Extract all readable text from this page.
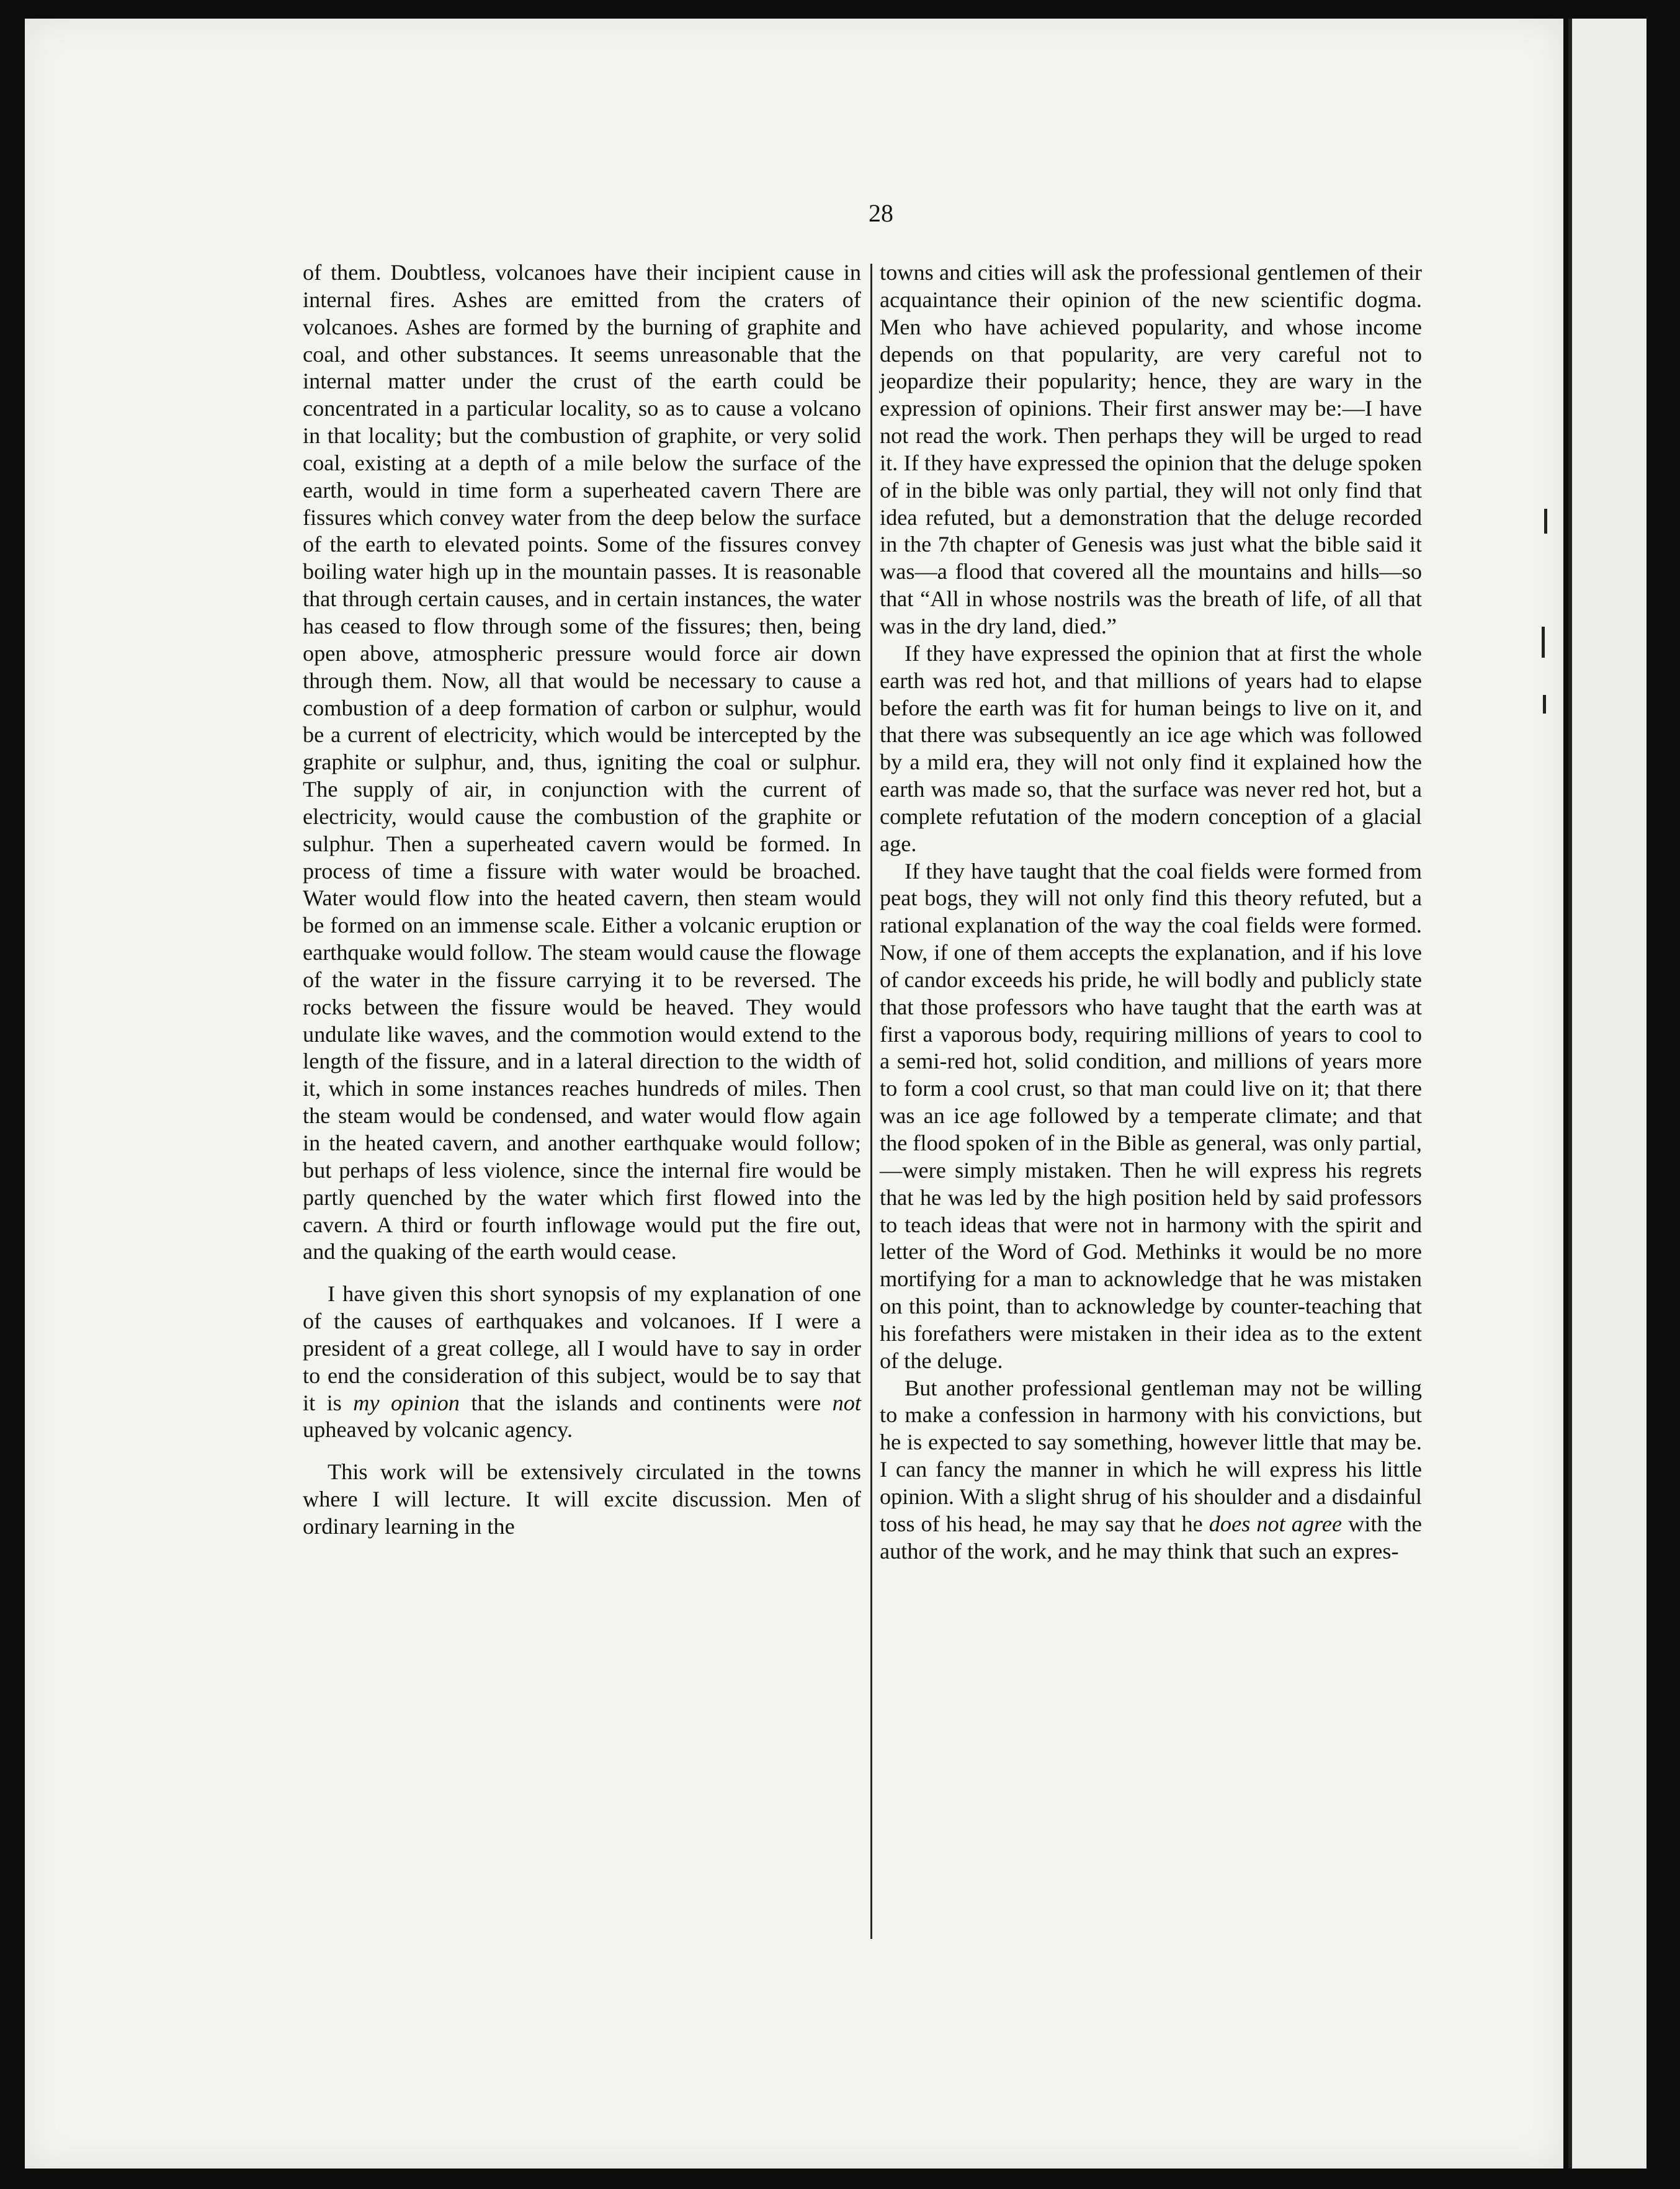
28

of them. Doubtless, volcanoes have their incipient cause in internal fires. Ashes are emitted from the craters of volcanoes. Ashes are formed by the burning of graphite and coal, and other substances. It seems unreasonable that the internal matter under the crust of the earth could be concentrated in a particular locality, so as to cause a volcano in that locality; but the combustion of graphite, or very solid coal, existing at a depth of a mile below the surface of the earth, would in time form a superheated cavern There are fissures which convey water from the deep below the surface of the earth to elevated points. Some of the fissures convey boiling water high up in the mountain passes. It is reasonable that through certain causes, and in certain instances, the water has ceased to flow through some of the fissures; then, being open above, atmospheric pressure would force air down through them. Now, all that would be necessary to cause a combustion of a deep formation of carbon or sulphur, would be a current of electricity, which would be intercepted by the graphite or sulphur, and, thus, igniting the coal or sulphur. The supply of air, in conjunction with the current of electricity, would cause the combustion of the graphite or sulphur. Then a superheated cavern would be formed. In process of time a fissure with water would be broached. Water would flow into the heated cavern, then steam would be formed on an immense scale. Either a volcanic eruption or earthquake would follow. The steam would cause the flowage of the water in the fissure carrying it to be reversed. The rocks between the fissure would be heaved. They would undulate like waves, and the commotion would extend to the length of the fissure, and in a lateral direction to the width of it, which in some instances reaches hundreds of miles. Then the steam would be condensed, and water would flow again in the heated cavern, and another earthquake would follow; but perhaps of less violence, since the internal fire would be partly quenched by the water which first flowed into the cavern. A third or fourth inflowage would put the fire out, and the quaking of the earth would cease.

I have given this short synopsis of my explanation of one of the causes of earthquakes and volcanoes. If I were a president of a great college, all I would have to say in order to end the consideration of this subject, would be to say that it is my opinion that the islands and continents were not upheaved by volcanic agency.

This work will be extensively circulated in the towns where I will lecture. It will excite discussion. Men of ordinary learning in the

towns and cities will ask the professional gentlemen of their acquaintance their opinion of the new scientific dogma. Men who have achieved popularity, and whose income depends on that popularity, are very careful not to jeopardize their popularity; hence, they are wary in the expression of opinions. Their first answer may be:—I have not read the work. Then perhaps they will be urged to read it. If they have expressed the opinion that the deluge spoken of in the bible was only partial, they will not only find that idea refuted, but a demonstration that the deluge recorded in the 7th chapter of Genesis was just what the bible said it was—a flood that covered all the mountains and hills—so that “All in whose nostrils was the breath of life, of all that was in the dry land, died.”

If they have expressed the opinion that at first the whole earth was red hot, and that millions of years had to elapse before the earth was fit for human beings to live on it, and that there was subsequently an ice age which was followed by a mild era, they will not only find it explained how the earth was made so, that the surface was never red hot, but a complete refutation of the modern conception of a glacial age.

If they have taught that the coal fields were formed from peat bogs, they will not only find this theory refuted, but a rational explanation of the way the coal fields were formed. Now, if one of them accepts the explanation, and if his love of candor exceeds his pride, he will bodly and publicly state that those professors who have taught that the earth was at first a vaporous body, requiring millions of years to cool to a semi-red hot, solid condition, and millions of years more to form a cool crust, so that man could live on it; that there was an ice age followed by a temperate climate; and that the flood spoken of in the Bible as general, was only partial,—were simply mistaken. Then he will express his regrets that he was led by the high position held by said professors to teach ideas that were not in harmony with the spirit and letter of the Word of God. Methinks it would be no more mortifying for a man to acknowledge that he was mistaken on this point, than to acknowledge by counter-teaching that his forefathers were mistaken in their idea as to the extent of the deluge.

But another professional gentleman may not be willing to make a confession in harmony with his convictions, but he is expected to say something, however little that may be. I can fancy the manner in which he will express his little opinion. With a slight shrug of his shoulder and a disdainful toss of his head, he may say that he does not agree with the author of the work, and he may think that such an expres-
